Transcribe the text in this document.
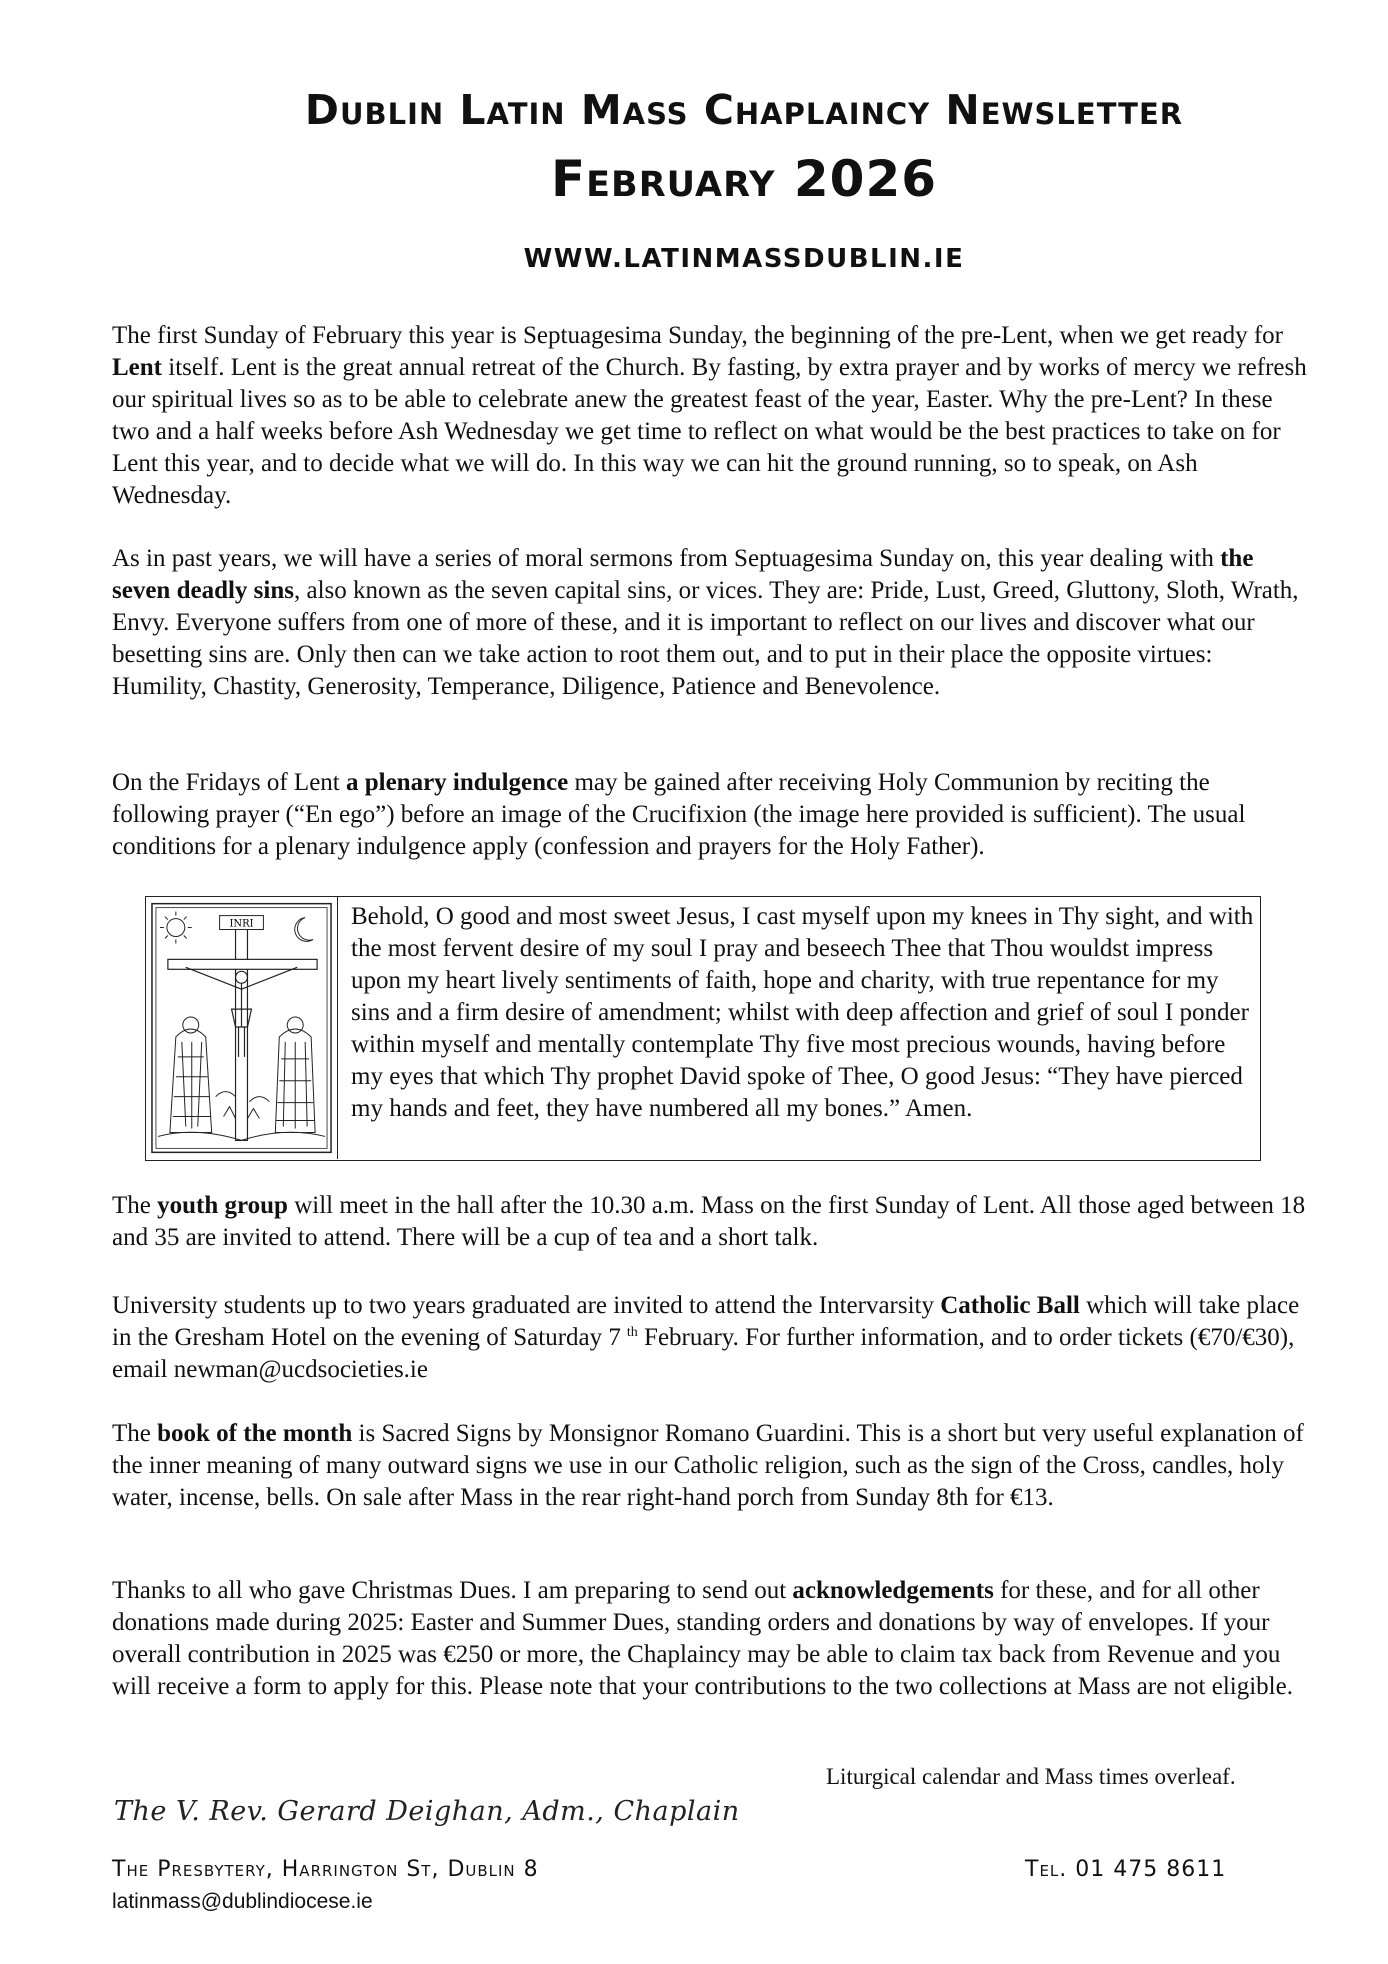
Dublin Latin Mass Chaplaincy Newsletter
February 2026
WWW.LATINMASSDUBLIN.IE

The first Sunday of February this year is Septuagesima Sunday, the beginning of the pre-Lent, when we get ready for Lent itself. Lent is the great annual retreat of the Church. By fasting, by extra prayer and by works of mercy we refresh our spiritual lives so as to be able to celebrate anew the greatest feast of the year, Easter. Why the pre-Lent? In these two and a half weeks before Ash Wednesday we get time to reflect on what would be the best practices to take on for Lent this year, and to decide what we will do. In this way we can hit the ground running, so to speak, on Ash Wednesday.

As in past years, we will have a series of moral sermons from Septuagesima Sunday on, this year dealing with the seven deadly sins, also known as the seven capital sins, or vices. They are: Pride, Lust, Greed, Gluttony, Sloth, Wrath, Envy. Everyone suffers from one of more of these, and it is important to reflect on our lives and discover what our besetting sins are. Only then can we take action to root them out, and to put in their place the opposite virtues: Humility, Chastity, Generosity, Temperance, Diligence, Patience and Benevolence.

On the Fridays of Lent a plenary indulgence may be gained after receiving Holy Communion by reciting the following prayer (“En ego”) before an image of the Crucifixion (the image here provided is sufficient). The usual conditions for a plenary indulgence apply (confession and prayers for the Holy Father).

INRI	Behold, O good and most sweet Jesus, I cast myself upon my knees in Thy sight, and with the most fervent desire of my soul I pray and beseech Thee that Thou wouldst impress upon my heart lively sentiments of faith, hope and charity, with true repentance for my sins and a firm desire of amendment; whilst with deep affection and grief of soul I ponder within myself and mentally contemplate Thy five most precious wounds, having before my eyes that which Thy prophet David spoke of Thee, O good Jesus: “They have pierced my hands and feet, they have numbered all my bones.” Amen.

The youth group will meet in the hall after the 10.30 a.m. Mass on the first Sunday of Lent. All those aged between 18 and 35 are invited to attend. There will be a cup of tea and a short talk.

University students up to two years graduated are invited to attend the Intervarsity Catholic Ball which will take place in the Gresham Hotel on the evening of Saturday 7 $^{th}$ February. For further information, and to order tickets (€70/€30), email newman@ucdsocieties.ie

The book of the month is Sacred Signs by Monsignor Romano Guardini. This is a short but very useful explanation of the inner meaning of many outward signs we use in our Catholic religion, such as the sign of the Cross, candles, holy water, incense, bells. On sale after Mass in the rear right-hand porch from Sunday 8th for €13.

Thanks to all who gave Christmas Dues. I am preparing to send out acknowledgements for these, and for all other donations made during 2025: Easter and Summer Dues, standing orders and donations by way of envelopes. If your overall contribution in 2025 was €250 or more, the Chaplaincy may be able to claim tax back from Revenue and you will receive a form to apply for this. Please note that your contributions to the two collections at Mass are not eligible.

Liturgical calendar and Mass times overleaf.
The V. Rev. Gerard Deighan, Adm., Chaplain
The Presbytery, Harrington St, Dublin 8	Tel. 01 475 8611
latinmass@dublindiocese.ie
